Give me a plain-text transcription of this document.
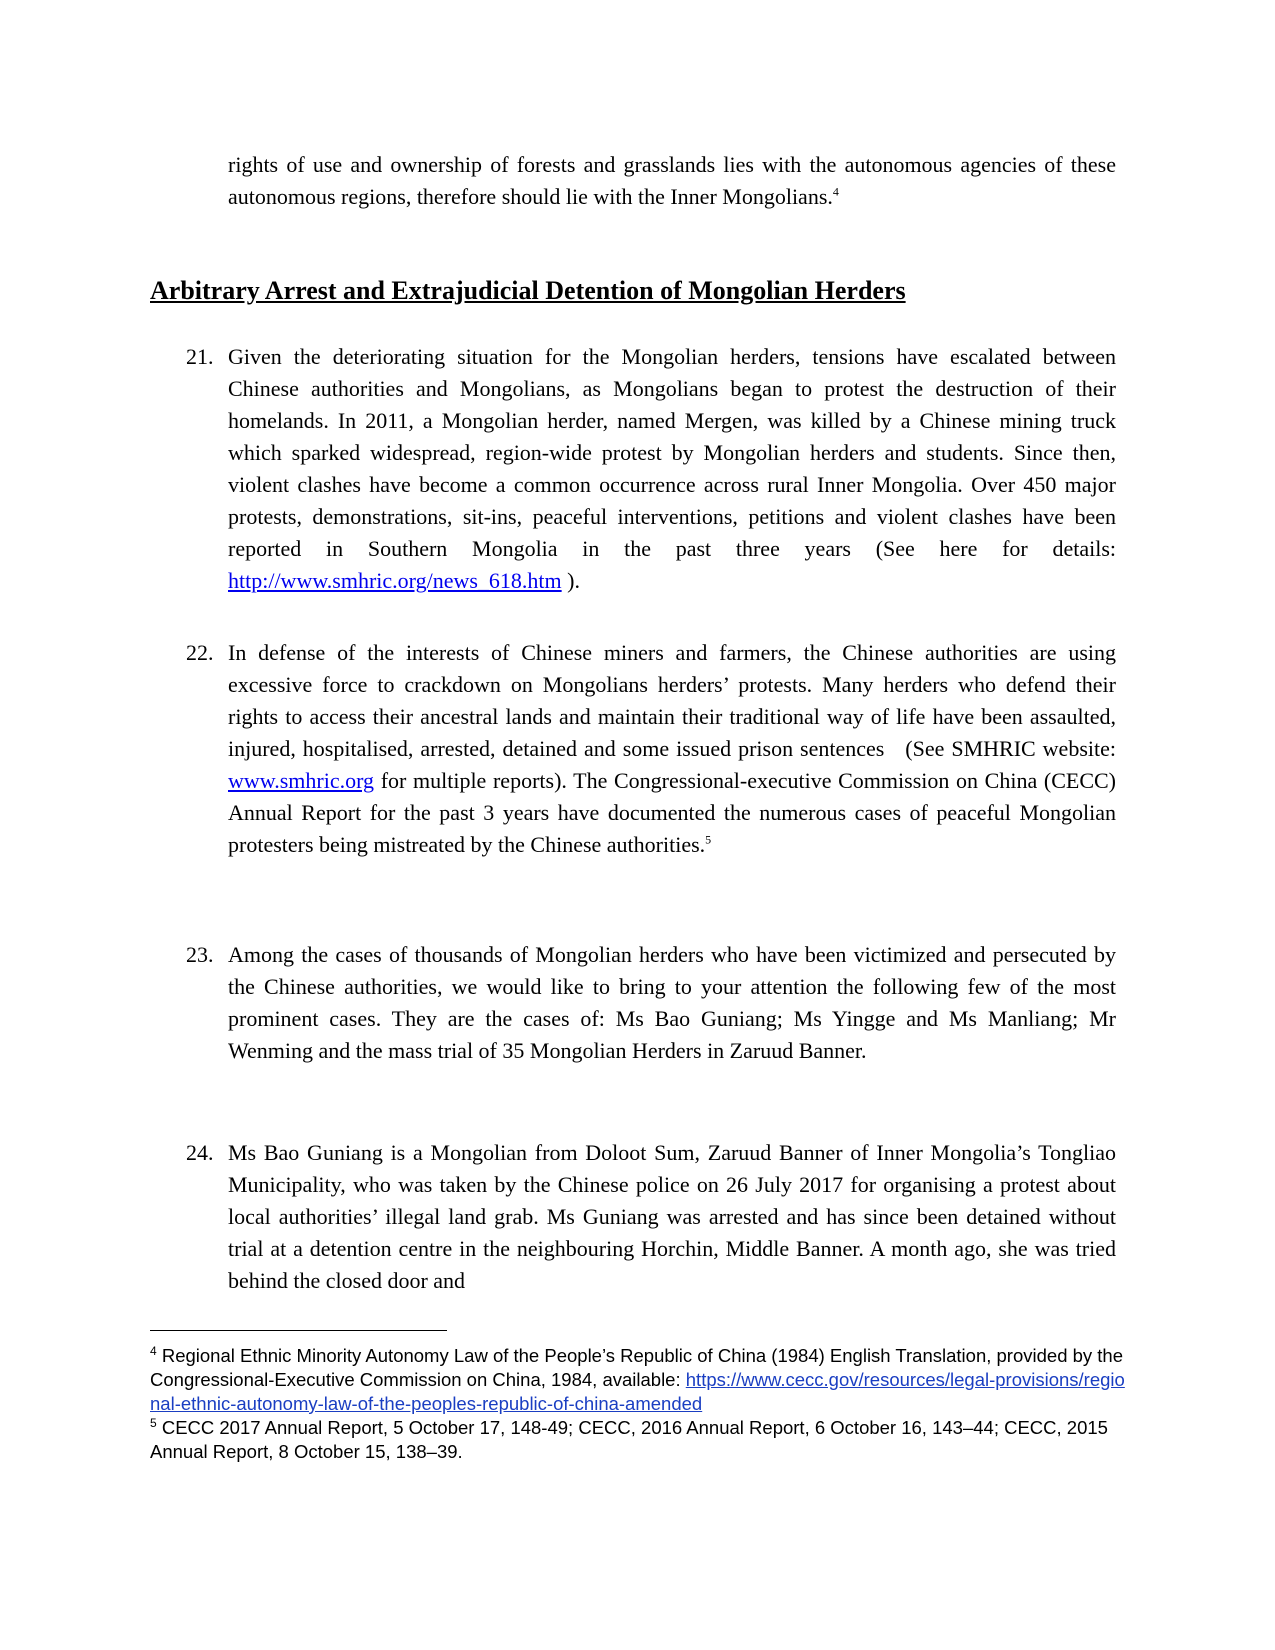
rights of use and ownership of forests and grasslands lies with the autonomous agencies of these autonomous regions, therefore should lie with the Inner Mongolians.$^4$

Arbitrary Arrest and Extrajudicial Detention of Mongolian Herders
21. Given the deteriorating situation for the Mongolian herders, tensions have escalated between Chinese authorities and Mongolians, as Mongolians began to protest the destruction of their homelands. In 2011, a Mongolian herder, named Mergen, was killed by a Chinese mining truck which sparked widespread, region-wide protest by Mongolian herders and students. Since then, violent clashes have become a common occurrence across rural Inner Mongolia. Over 450 major protests, demonstrations, sit-ins, peaceful interventions, petitions and violent clashes have been reported in Southern Mongolia in the past three years (See here for details: http://www.smhric.org/news_618.htm ).

22. In defense of the interests of Chinese miners and farmers, the Chinese authorities are using excessive force to crackdown on Mongolians herders’ protests. Many herders who defend their rights to access their ancestral lands and maintain their traditional way of life have been assaulted, injured, hospitalised, arrested, detained and some issued prison sentences   (See SMHRIC website: www.smhric.org for multiple reports). The Congressional-executive Commission on China (CECC) Annual Report for the past 3 years have documented the numerous cases of peaceful Mongolian protesters being mistreated by the Chinese authorities.$^5$

23. Among the cases of thousands of Mongolian herders who have been victimized and persecuted by the Chinese authorities, we would like to bring to your attention the following few of the most prominent cases. They are the cases of: Ms Bao Guniang; Ms Yingge and Ms Manliang; Mr Wenming and the mass trial of 35 Mongolian Herders in Zaruud Banner.

24. Ms Bao Guniang is a Mongolian from Doloot Sum, Zaruud Banner of Inner Mongolia’s Tongliao Municipality, who was taken by the Chinese police on 26 July 2017 for organising a protest about local authorities’ illegal land grab. Ms Guniang was arrested and has since been detained without trial at a detention centre in the neighbouring Horchin, Middle Banner. A month ago, she was tried behind the closed door and

$^4$ Regional Ethnic Minority Autonomy Law of the People’s Republic of China (1984) English Translation, provided by the Congressional-Executive Commission on China, 1984, available: https://www.cecc.gov/resources/legal-provisions/regional-ethnic-autonomy-law-of-the-peoples-republic-of-china-amended

$^5$ CECC 2017 Annual Report, 5 October 17, 148-49; CECC, 2016 Annual Report, 6 October 16, 143–44; CECC, 2015 Annual Report, 8 October 15, 138–39.
